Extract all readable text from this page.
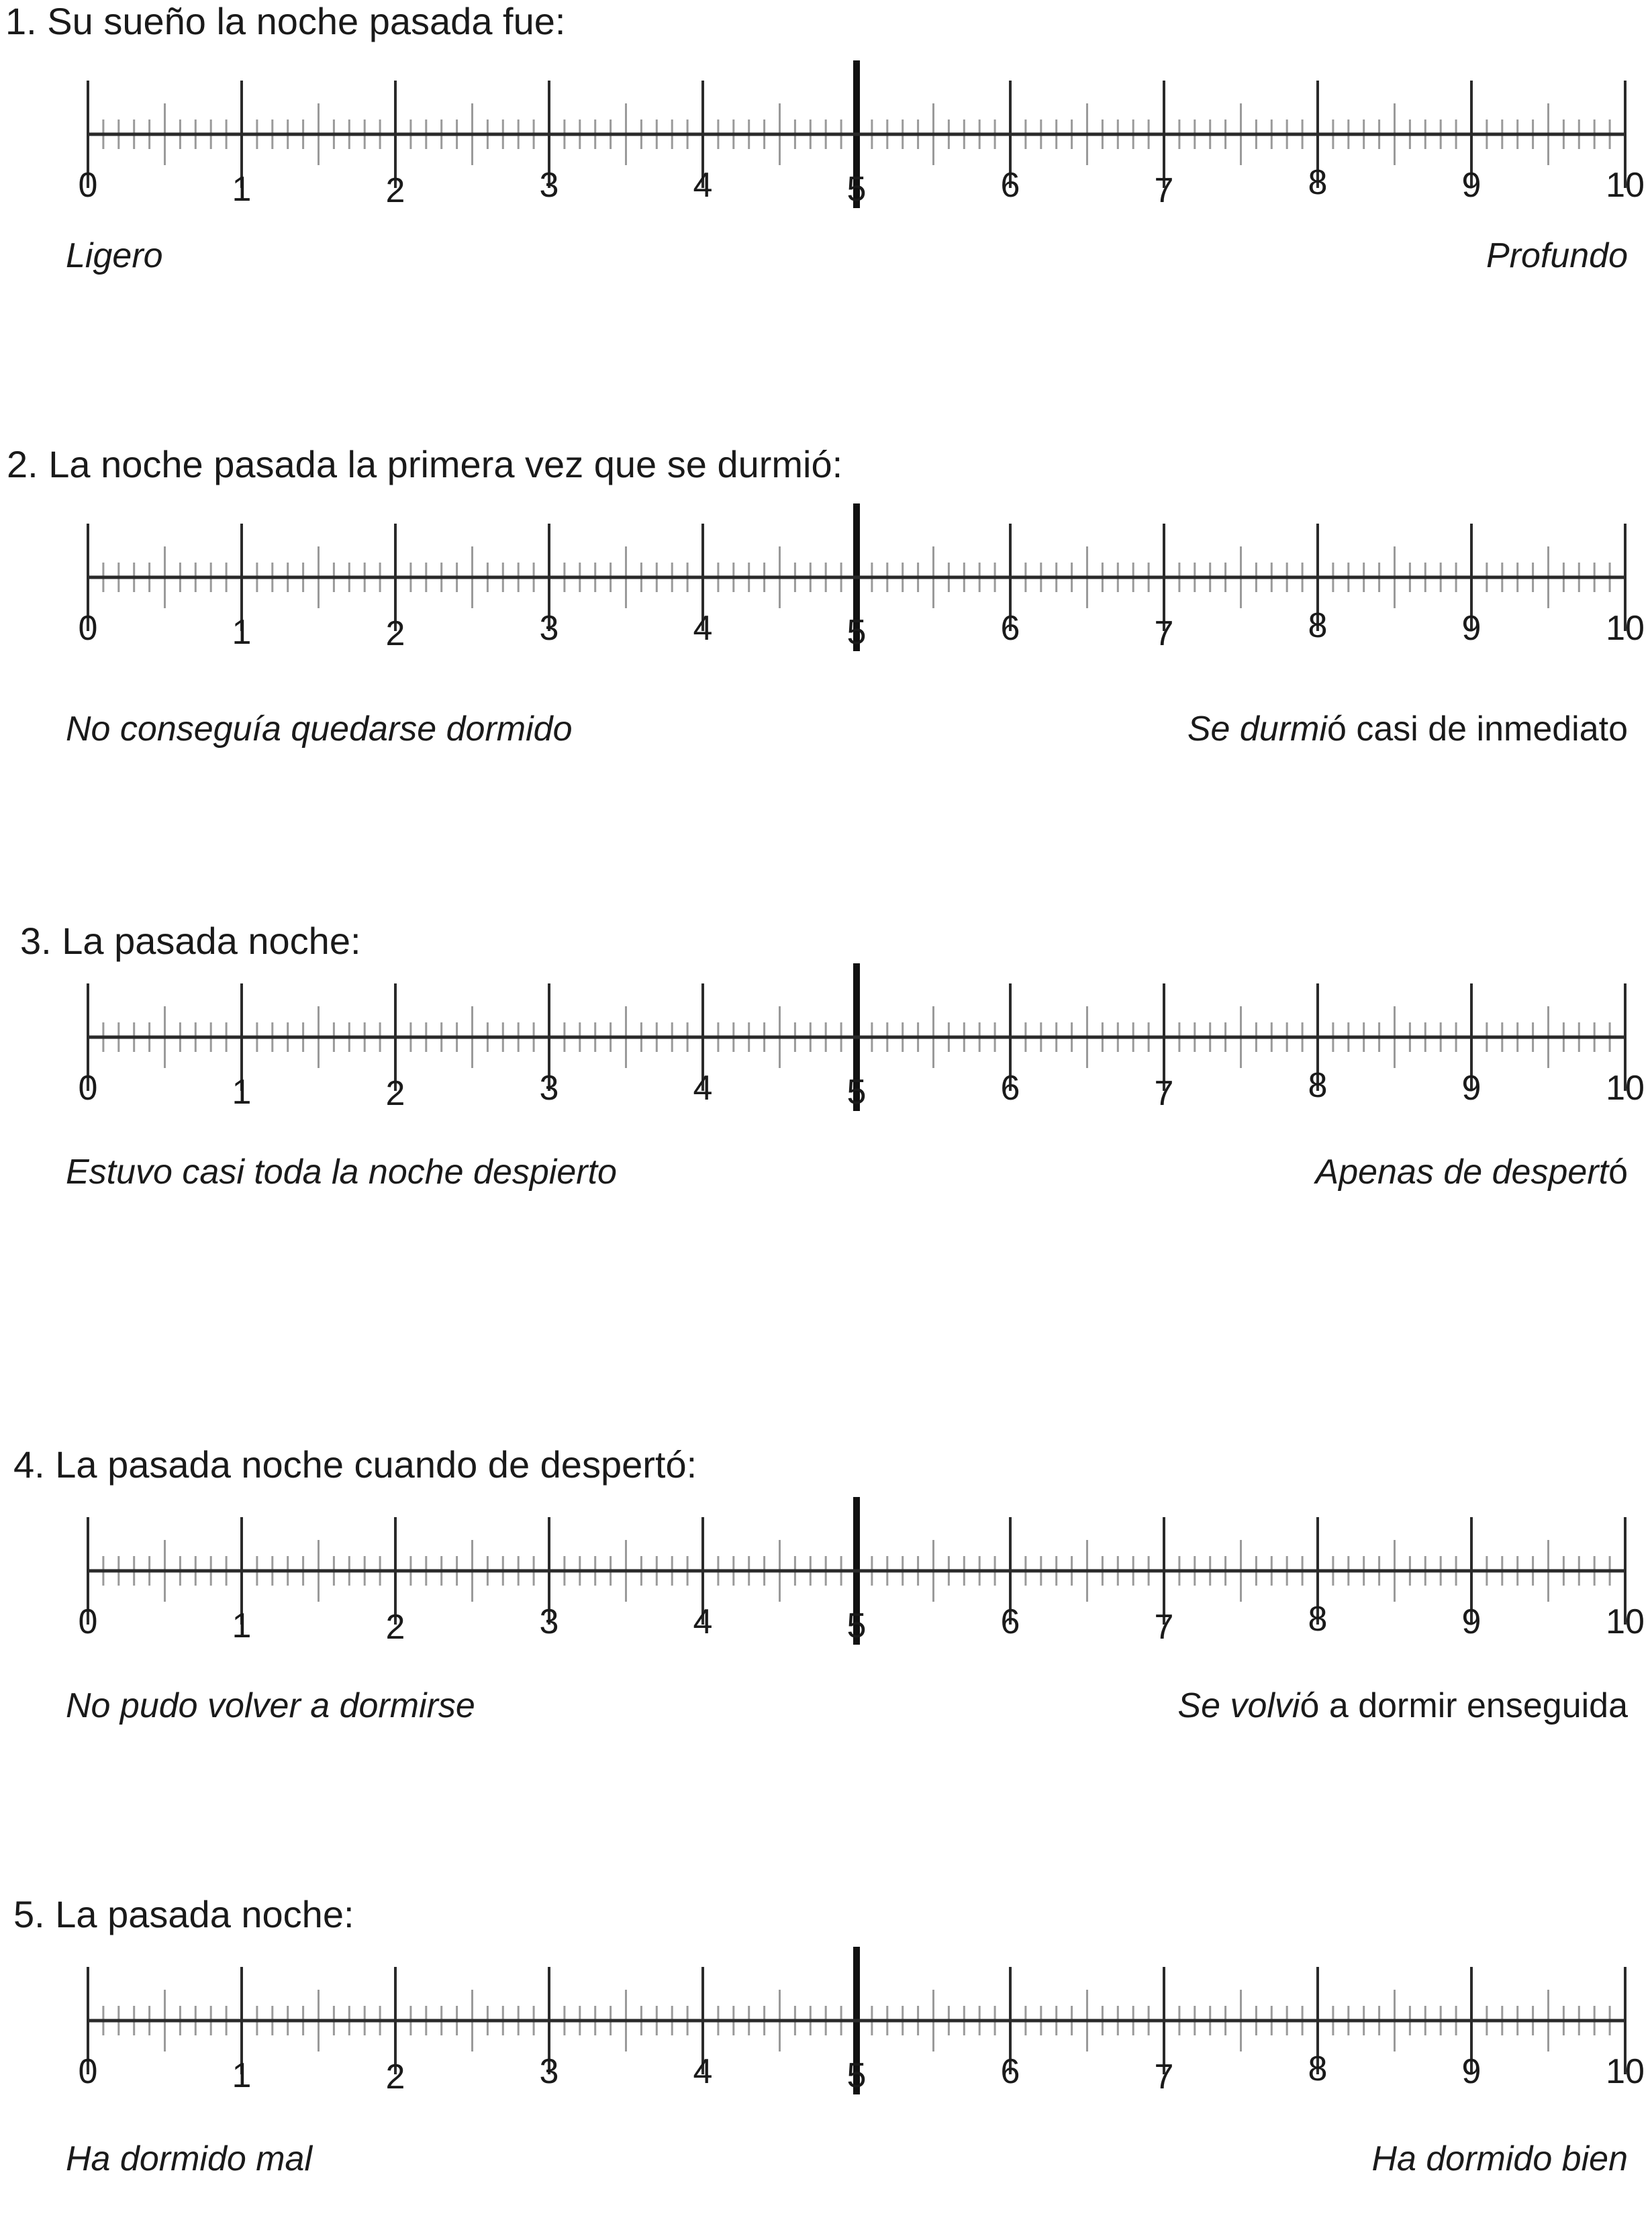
1. Su sueño la noche pasada fue:
0	1	2	3	4	5	6	7	8	9	10
Ligero	Profundo
2. La noche pasada la primera vez que se durmió:
0	1	2	3	4	5	6	7	8	9	10
No conseguía quedarse dormido	Se durmió casi de inmediato
3. La pasada noche:
0	1	2	3	4	5	6	7	8	9	10
Estuvo casi toda la noche despierto	Apenas de despertó
4. La pasada noche cuando de despertó:
0	1	2	3	4	5	6	7	8	9	10
No pudo volver a dormirse	Se volvió a dormir enseguida
5. La pasada noche:
0	1	2	3	4	5	6	7	8	9	10
Ha dormido mal	Ha dormido bien
